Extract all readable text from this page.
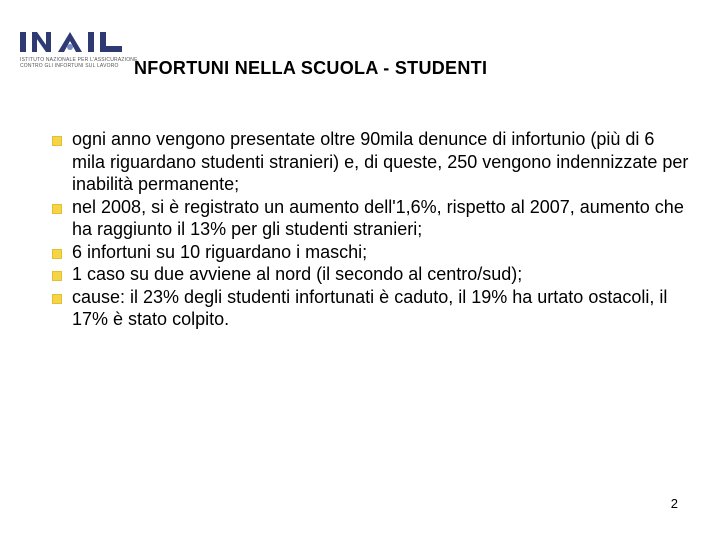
ISTITUTO NAZIONALE PER L'ASSICURAZIONE
CONTRO GLI INFORTUNI SUL LAVORO NFORTUNI NELLA SCUOLA - STUDENTI
ogni anno vengono presentate oltre 90mila denunce di infortunio (più di 6 mila riguardano studenti stranieri) e, di queste, 250 vengono indennizzate per inabilità permanente;
nel 2008, si è registrato un aumento dell'1,6%, rispetto al 2007, aumento che ha raggiunto il 13% per gli studenti stranieri;
6 infortuni su 10 riguardano i maschi;
1 caso su due avviene al nord (il secondo al centro/sud);
cause: il 23% degli studenti infortunati è caduto, il 19% ha urtato ostacoli, il 17% è stato colpito.
2
